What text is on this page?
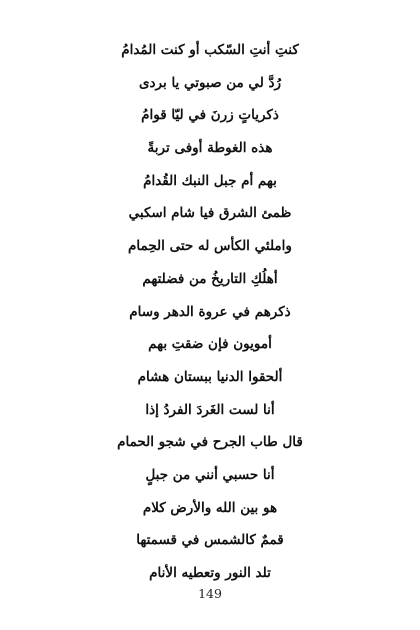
كنتِ أنتِ السّكب أو كنت المُدامُ
رُدَّ لي من صبوتي يا بردى
ذكرياتٍ زرنَ في ليّا قوامُ
هذه الغوطة أوفى تربةً
بهم أم جبل النبك القُدامُ
ظمئ الشرق فيا شام اسكبي
واملئي الكأس له حتى الحِمام
أهلُكِ التاريخُ من فضلتهم
ذكرهم في عروة الدهر وسام
أمويون فإن ضقتِ بهم
ألحقوا الدنيا ببستان هشام
أنا لست الغَردَ الفردُ إذا
قال طاب الجرح في شجو الحمام
أنا حسبي أنني من جبلٍ
هو بين الله والأرض كلام
قممٌ كالشمس في قسمتها
تلد النور وتعطيه الأنام
149
